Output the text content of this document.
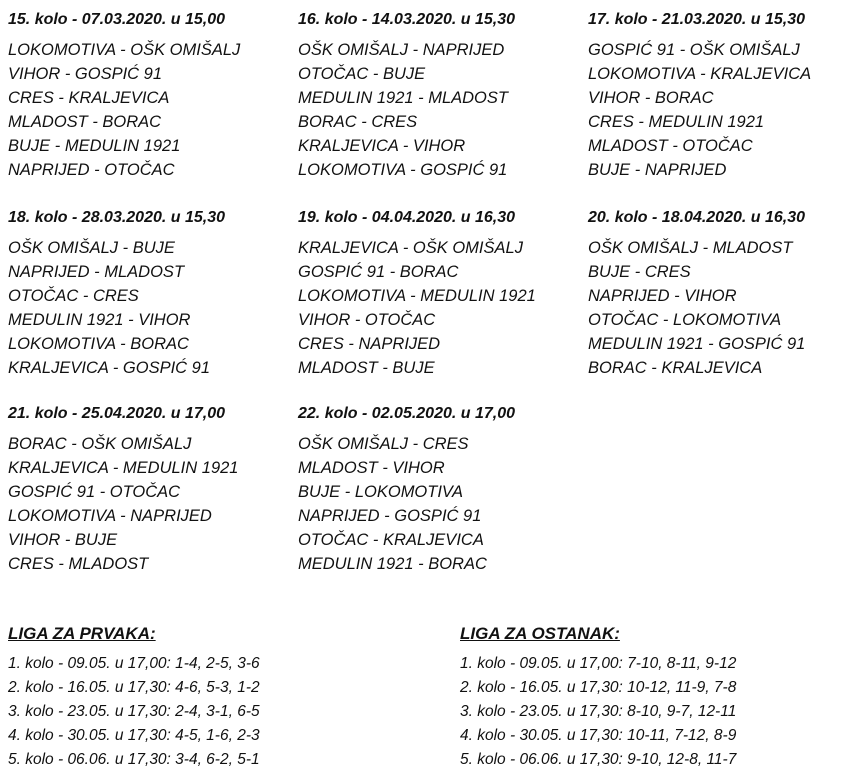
15. kolo - 07.03.2020. u 15,00
LOKOMOTIVA - OŠK OMIŠALJ
VIHOR - GOSPIĆ 91
CRES - KRALJEVICA
MLADOST - BORAC
BUJE - MEDULIN 1921
NAPRIJED - OTOČAC
16. kolo - 14.03.2020. u 15,30
OŠK OMIŠALJ - NAPRIJED
OTOČAC - BUJE
MEDULIN 1921 - MLADOST
BORAC - CRES
KRALJEVICA - VIHOR
LOKOMOTIVA - GOSPIĆ 91
17. kolo - 21.03.2020. u 15,30
GOSPIĆ 91 - OŠK OMIŠALJ
LOKOMOTIVA - KRALJEVICA
VIHOR - BORAC
CRES - MEDULIN 1921
MLADOST - OTOČAC
BUJE - NAPRIJED
18. kolo - 28.03.2020. u 15,30
OŠK OMIŠALJ - BUJE
NAPRIJED - MLADOST
OTOČAC - CRES
MEDULIN 1921 - VIHOR
LOKOMOTIVA - BORAC
KRALJEVICA - GOSPIĆ 91
19. kolo - 04.04.2020. u 16,30
KRALJEVICA - OŠK OMIŠALJ
GOSPIĆ 91 - BORAC
LOKOMOTIVA - MEDULIN 1921
VIHOR - OTOČAC
CRES - NAPRIJED
MLADOST - BUJE
20. kolo - 18.04.2020. u 16,30
OŠK OMIŠALJ - MLADOST
BUJE - CRES
NAPRIJED - VIHOR
OTOČAC - LOKOMOTIVA
MEDULIN 1921 - GOSPIĆ 91
BORAC - KRALJEVICA
21. kolo - 25.04.2020. u 17,00
BORAC - OŠK OMIŠALJ
KRALJEVICA - MEDULIN 1921
GOSPIĆ 91 - OTOČAC
LOKOMOTIVA - NAPRIJED
VIHOR - BUJE
CRES - MLADOST
22. kolo - 02.05.2020. u 17,00
OŠK OMIŠALJ - CRES
MLADOST - VIHOR
BUJE - LOKOMOTIVA
NAPRIJED - GOSPIĆ 91
OTOČAC - KRALJEVICA
MEDULIN 1921 - BORAC
LIGA ZA PRVAKA:
1. kolo - 09.05. u 17,00: 1-4, 2-5, 3-6
2. kolo - 16.05. u 17,30: 4-6, 5-3, 1-2
3. kolo - 23.05. u 17,30: 2-4, 3-1, 6-5
4. kolo - 30.05. u 17,30: 4-5, 1-6, 2-3
5. kolo - 06.06. u 17,30: 3-4, 6-2, 5-1
LIGA ZA OSTANAK:
1. kolo - 09.05. u 17,00: 7-10, 8-11, 9-12
2. kolo - 16.05. u 17,30: 10-12, 11-9, 7-8
3. kolo - 23.05. u 17,30: 8-10, 9-7, 12-11
4. kolo - 30.05. u 17,30: 10-11, 7-12, 8-9
5. kolo - 06.06. u 17,30: 9-10, 12-8, 11-7
